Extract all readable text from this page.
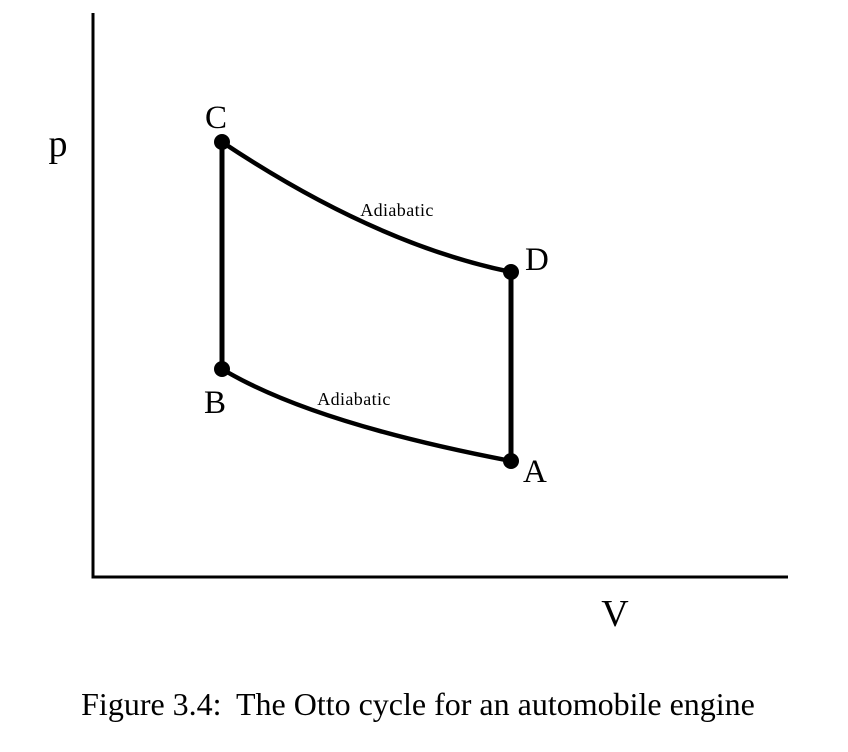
C
B
D
A
Adiabatic
Adiabatic
p
V
Figure 3.4: The Otto cycle for an automobile engine
